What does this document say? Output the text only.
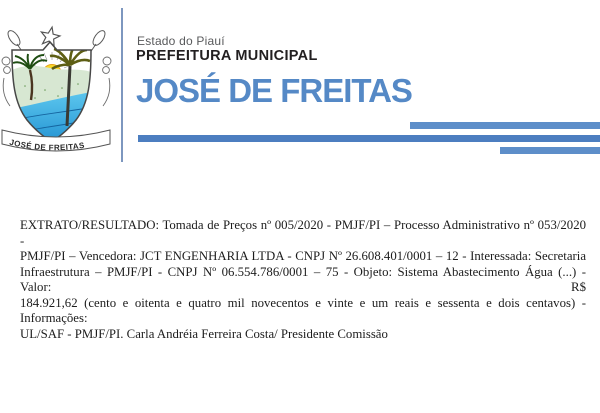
JOSÉ DE FREITAS
Estado do Piauí
PREFEITURA MUNICIPAL
JOSÉ DE FREITAS
EXTRATO/RESULTADO: Tomada de Preços nº 005/2020 - PMJF/PI – Processo Administrativo nº 053/2020 -
PMJF/PI – Vencedora: JCT ENGENHARIA LTDA - CNPJ Nº 26.608.401/0001 – 12 - Interessada: Secretaria
Infraestrutura – PMJF/PI - CNPJ Nº 06.554.786/0001 – 75 - Objeto: Sistema Abastecimento Água (...) - Valor: R$
184.921,62 (cento e oitenta e quatro mil novecentos e vinte e um reais e sessenta e dois centavos) - Informações:
UL/SAF - PMJF/PI. Carla Andréia Ferreira Costa/ Presidente Comissão
